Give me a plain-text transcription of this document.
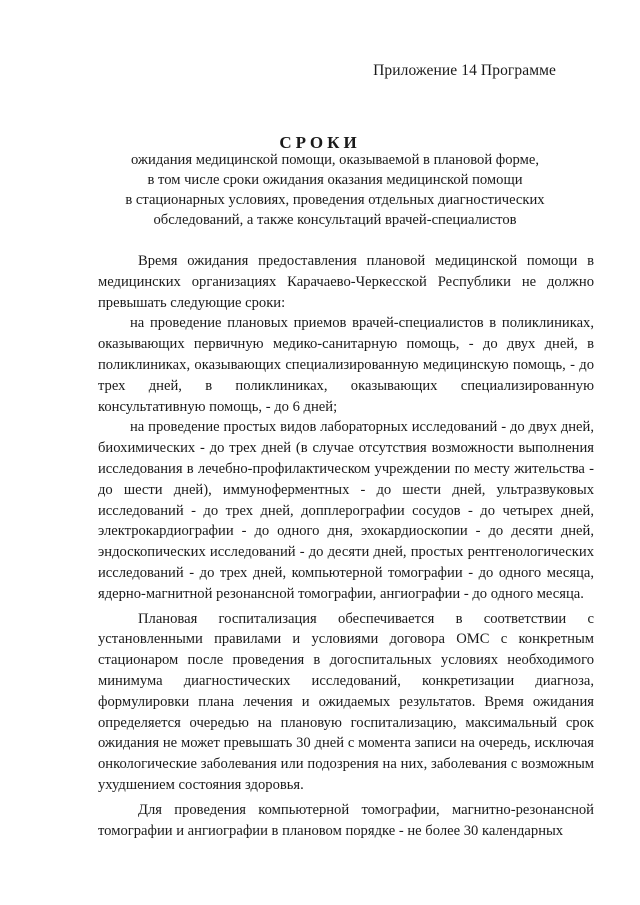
Приложение 14 Программе
СРОКИ
ожидания медицинской помощи, оказываемой в плановой форме,
в том числе сроки ожидания оказания медицинской помощи
в стационарных условиях, проведения отдельных диагностических
обследований, а также консультаций врачей-специалистов

Время ожидания предоставления плановой медицинской помощи в медицинских организациях Карачаево-Черкесской Республики не должно превышать следующие сроки:

на проведение плановых приемов врачей-специалистов в поликлиниках, оказывающих первичную медико-санитарную помощь, - до двух дней, в поликлиниках, оказывающих специализированную медицинскую помощь, - до трех дней, в поликлиниках, оказывающих специализированную консультативную помощь, - до 6 дней;

на проведение простых видов лабораторных исследований - до двух дней, биохимических - до трех дней (в случае отсутствия возможности выполнения исследования в лечебно-профилактическом учреждении по месту жительства - до шести дней), иммуноферментных - до шести дней, ультразвуковых исследований - до трех дней, допплерографии сосудов - до четырех дней, электрокардиографии - до одного дня, эхокардиоскопии - до десяти дней, эндоскопических исследований - до десяти дней, простых рентгенологических исследований - до трех дней, компьютерной томографии - до одного месяца, ядерно-магнитной резонансной томографии, ангиографии - до одного месяца.

Плановая госпитализация обеспечивается в соответствии с установленными правилами и условиями договора ОМС с конкретным стационаром после проведения в догоспитальных условиях необходимого минимума диагностических исследований, конкретизации диагноза, формулировки плана лечения и ожидаемых результатов. Время ожидания определяется очередью на плановую госпитализацию, максимальный срок ожидания не может превышать 30 дней с момента записи на очередь, исключая онкологические заболевания или подозрения на них, заболевания с возможным ухудшением состояния здоровья.

Для проведения компьютерной томографии, магнитно-резонансной томографии и ангиографии в плановом порядке - не более 30 календарных
